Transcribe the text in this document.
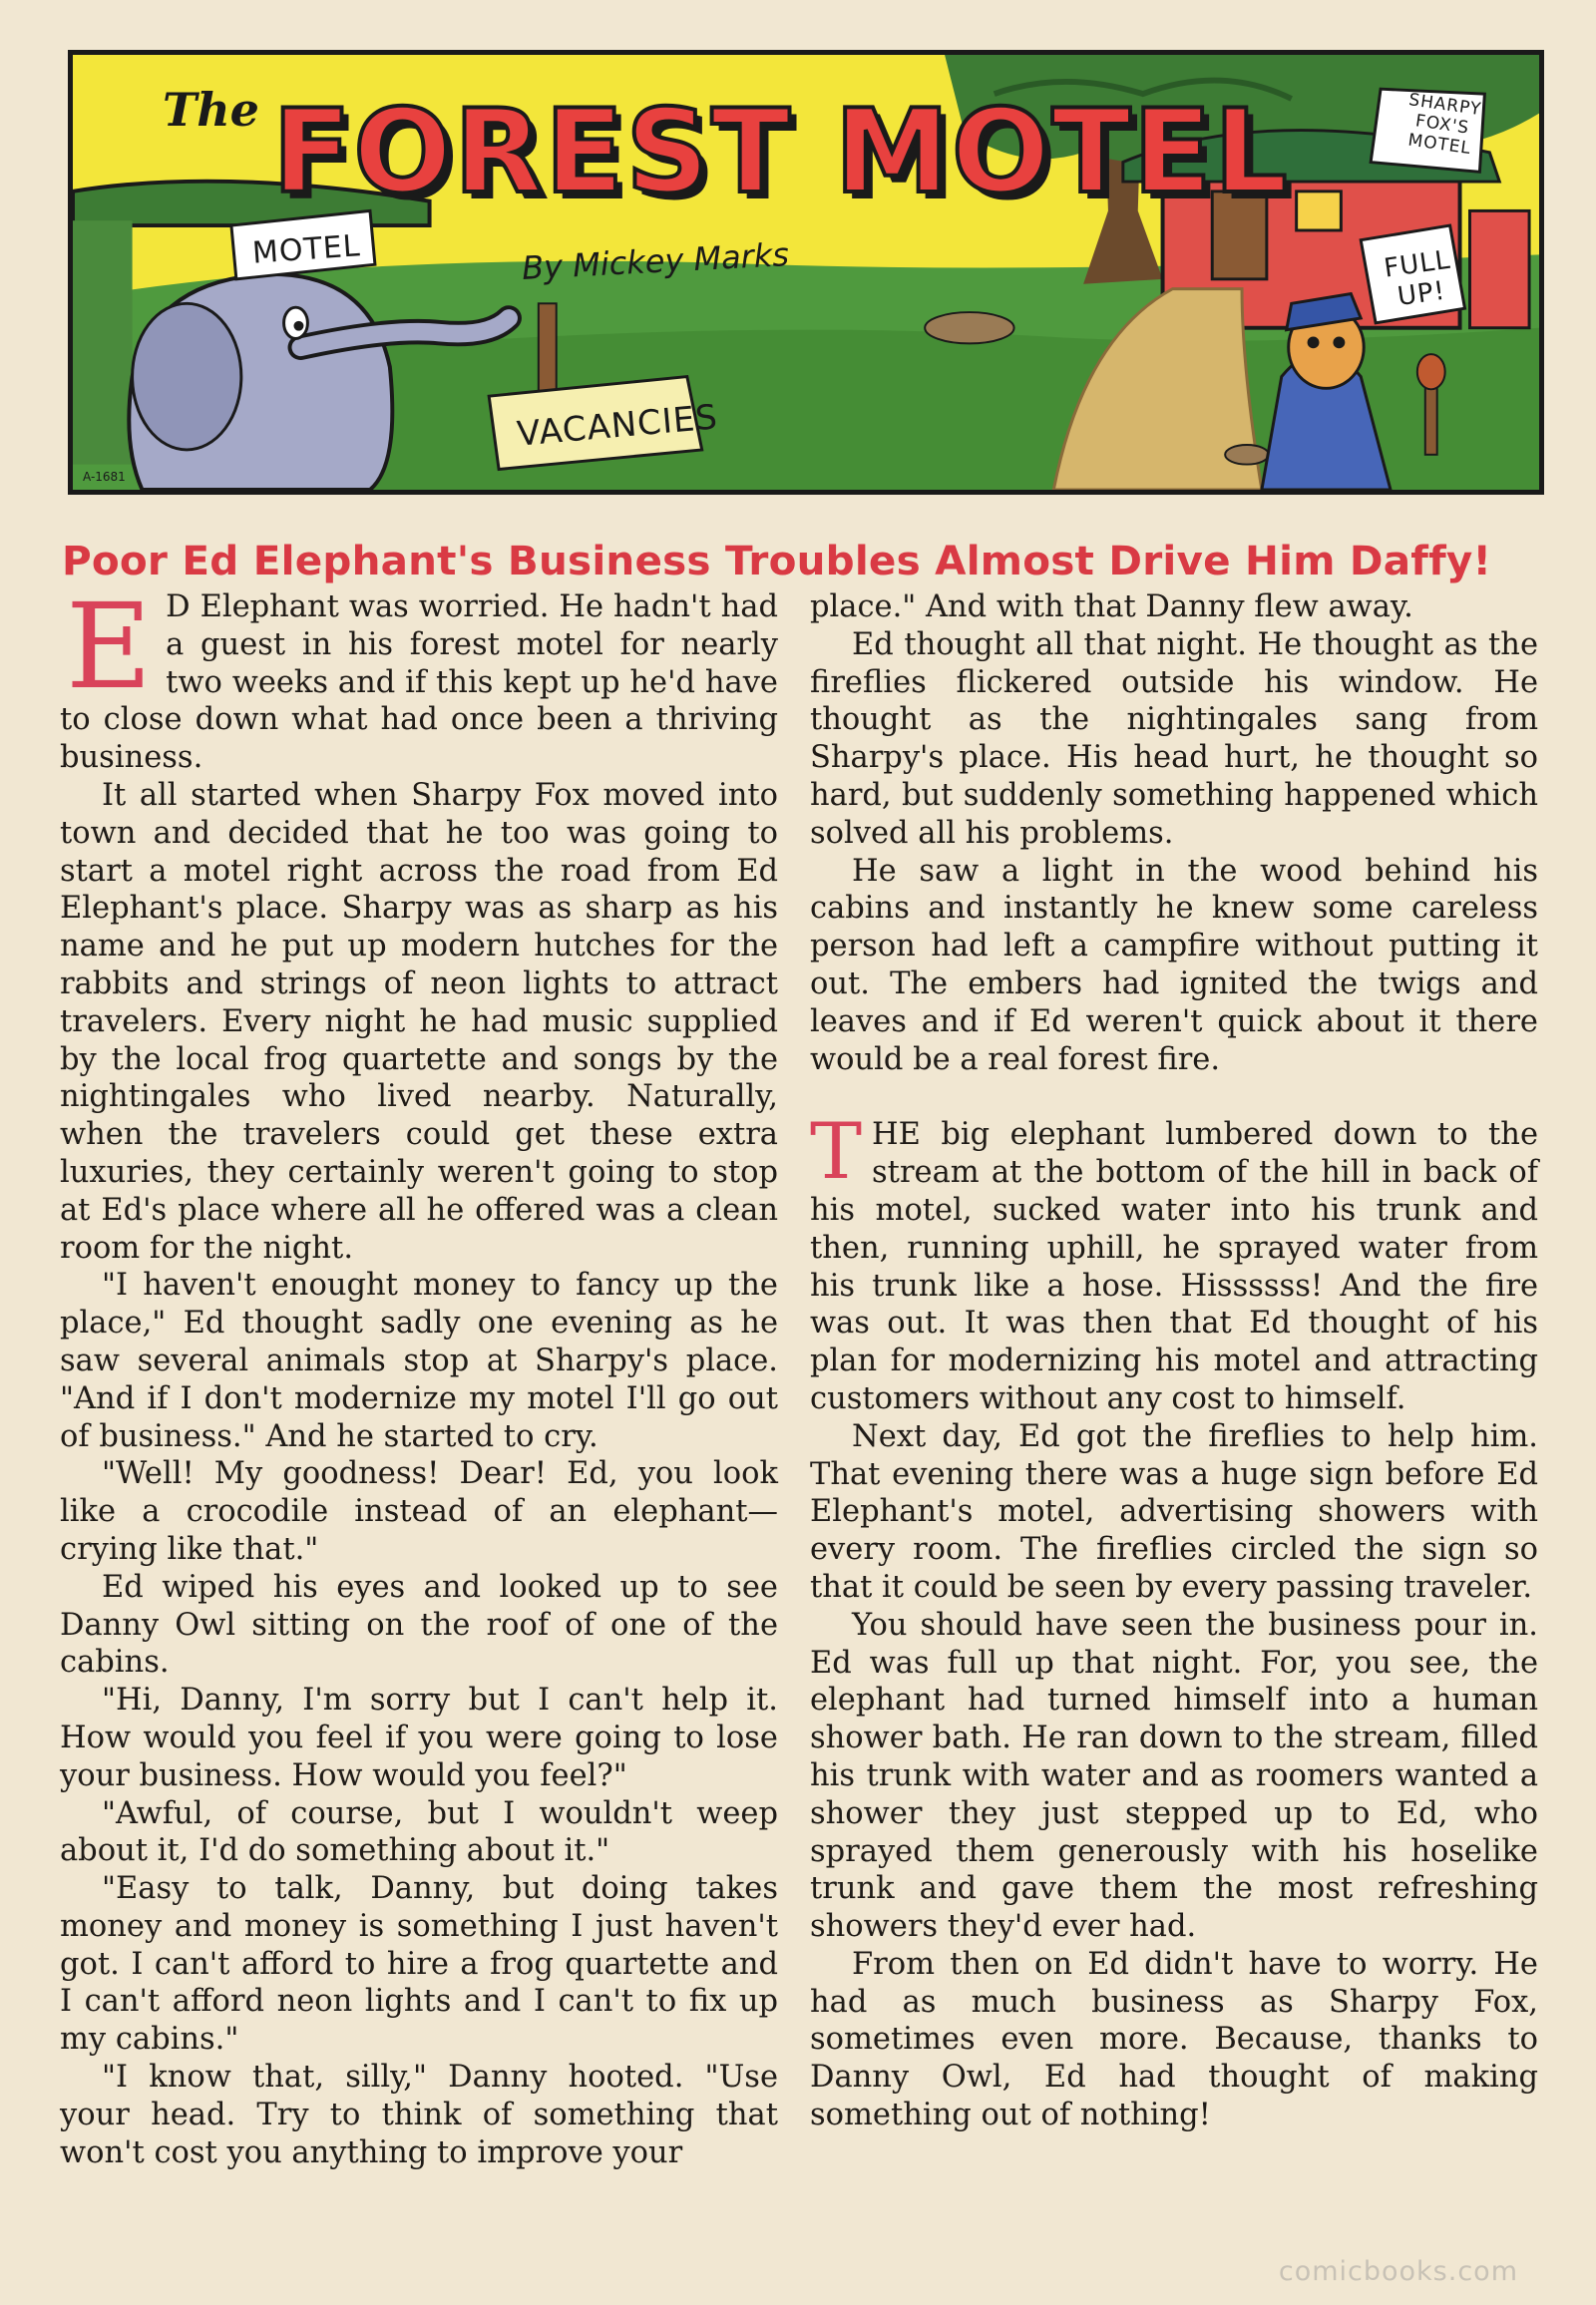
The FOREST MOTEL
By Mickey Marks
MOTEL
VACANCIES
FULL UP!
SHARPY FOX'S MOTEL
A-1681
Poor Ed Elephant's Business Troubles Almost Drive Him Daffy!

E D Elephant was worried. He hadn't had a guest in his forest motel for nearly two weeks and if this kept up he'd have to close down what had once been a thriving business.

It all started when Sharpy Fox moved into town and decided that he too was going to start a motel right across the road from Ed Elephant's place. Sharpy was as sharp as his name and he put up modern hutches for the rabbits and strings of neon lights to attract travelers. Every night he had music supplied by the local frog quartette and songs by the nightingales who lived nearby. Naturally, when the travelers could get these extra luxuries, they certainly weren't going to stop at Ed's place where all he offered was a clean room for the night.

"I haven't enought money to fancy up the place," Ed thought sadly one evening as he saw several animals stop at Sharpy's place. "And if I don't modernize my motel I'll go out of business." And he started to cry.

"Well! My goodness! Dear! Ed, you look like a crocodile instead of an elephant— crying like that."

Ed wiped his eyes and looked up to see Danny Owl sitting on the roof of one of the cabins.

"Hi, Danny, I'm sorry but I can't help it. How would you feel if you were going to lose your business. How would you feel?"

"Awful, of course, but I wouldn't weep about it, I'd do something about it."

"Easy to talk, Danny, but doing takes money and money is something I just haven't got. I can't afford to hire a frog quartette and I can't afford neon lights and I can't to fix up my cabins."

"I know that, silly," Danny hooted. "Use your head. Try to think of something that won't cost you anything to improve your

place." And with that Danny flew away.

Ed thought all that night. He thought as the fireflies flickered outside his window. He thought as the nightingales sang from Sharpy's place. His head hurt, he thought so hard, but suddenly something happened which solved all his problems.

He saw a light in the wood behind his cabins and instantly he knew some careless person had left a campfire without putting it out. The embers had ignited the twigs and leaves and if Ed weren't quick about it there would be a real forest fire.

THE big elephant lumbered down to the stream at the bottom of the hill in back of his motel, sucked water into his trunk and then, running uphill, he sprayed water from his trunk like a hose. Hissssss! And the fire was out. It was then that Ed thought of his plan for modernizing his motel and attracting customers without any cost to himself.

Next day, Ed got the fireflies to help him. That evening there was a huge sign before Ed Elephant's motel, advertising showers with every room. The fireflies circled the sign so that it could be seen by every passing traveler.

You should have seen the business pour in. Ed was full up that night. For, you see, the elephant had turned himself into a human shower bath. He ran down to the stream, filled his trunk with water and as roomers wanted a shower they just stepped up to Ed, who sprayed them generously with his hoselike trunk and gave them the most refreshing showers they'd ever had.

From then on Ed didn't have to worry. He had as much business as Sharpy Fox, sometimes even more. Because, thanks to Danny Owl, Ed had thought of making something out of nothing!

comicbooks.com
